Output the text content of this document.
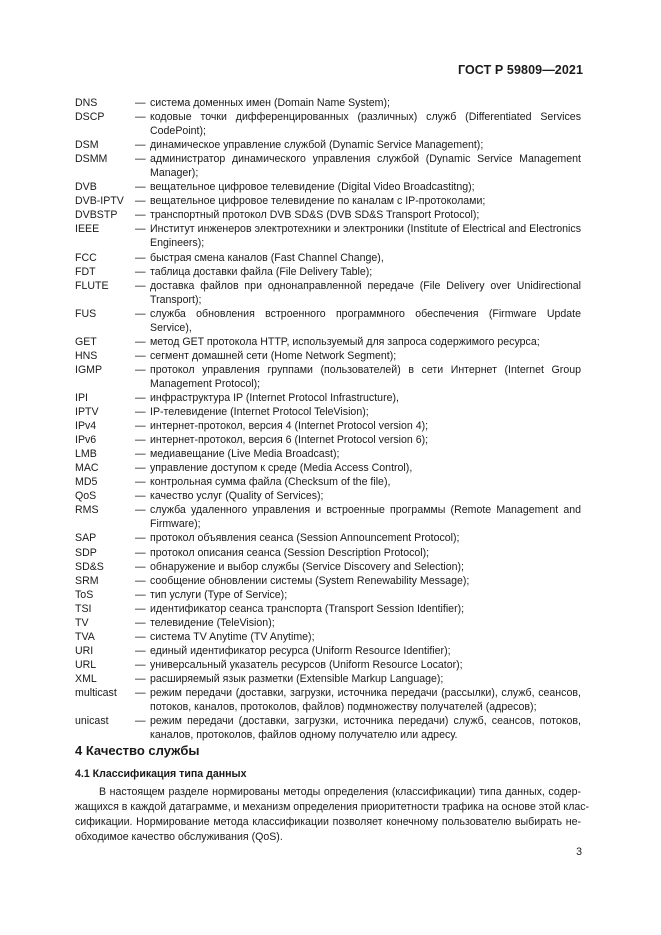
ГОСТ Р 59809—2021
DNS	— система доменных имен (Domain Name System);
DSCP	— кодовые точки дифференцированных (различных) служб (Differentiated Services CodePoint);
DSM	— динамическое управление службой (Dynamic Service Management);
DSMM	— администратор динамического управления службой (Dynamic Service Management Manager);
DVB	— вещательное цифровое телевидение (Digital Video Broadcastitng);
DVB-IPTV	— вещательное цифровое телевидение по каналам с IP-протоколами;
DVBSTP	— транспортный протокол DVB SD&S (DVB SD&S Transport Protocol);
IEEE	— Институт инженеров электротехники и электроники (Institute of Electrical and Electronics Engineers);
FCC	— быстрая смена каналов (Fast Channel Change),
FDT	— таблица доставки файла (File Delivery Table);
FLUTE	— доставка файлов при однонаправленной передаче (File Delivery over Unidirectional Transport);
FUS	— служба обновления встроенного программного обеспечения (Firmware Update Service),
GET	— метод GET протокола HTTP, используемый для запроса содержимого ресурса;
HNS	— сегмент домашней сети (Home Network Segment);
IGMP	— протокол управления группами (пользователей) в сети Интернет (Internet Group Management Protocol);
IPI	— инфраструктура IP (Internet Protocol Infrastructure),
IPTV	— IP-телевидение (Internet Protocol TeleVision);
IPv4	— интернет-протокол, версия 4 (Internet Protocol version 4);
IPv6	— интернет-протокол, версия 6 (Internet Protocol version 6);
LMB	— медиавещание (Live Media Broadcast);
MAC	— управление доступом к среде (Media Access Control),
MD5	— контрольная сумма файла (Checksum of the file),
QoS	— качество услуг (Quality of Services);
RMS	— служба удаленного управления и встроенные программы (Remote Management and Firmware);
SAP	— протокол объявления сеанса (Session Announcement Protocol);
SDP	— протокол описания сеанса (Session Description Protocol);
SD&S	— обнаружение и выбор службы (Service Discovery and Selection);
SRM	— сообщение обновлении системы (System Renewability Message);
ToS	— тип услуги (Type of Service);
TSI	— идентификатор сеанса транспорта (Transport Session Identifier);
TV	— телевидение (TeleVision);
TVA	— система TV Anytime (TV Anytime);
URI	— единый идентификатор ресурса (Uniform Resource Identifier);
URL	— универсальный указатель ресурсов (Uniform Resource Locator);
XML	— расширяемый язык разметки (Extensible Markup Language);
multicast	— режим передачи (доставки, загрузки, источника передачи (рассылки), служб, сеансов, потоков, каналов, протоколов, файлов) подмножеству получателей (адресов);
unicast	— режим передачи (доставки, загрузки, источника передачи) служб, сеансов, потоков, каналов, протоколов, файлов одному получателю или адресу.
4 Качество службы
4.1 Классификация типа данных
В настоящем разделе нормированы методы определения (классификации) типа данных, содер-
жащихся в каждой датаграмме, и механизм определения приоритетности трафика на основе этой клас-
сификации. Нормирование метода классификации позволяет конечному пользователю выбирать не-
обходимое качество обслуживания (QoS).
3
